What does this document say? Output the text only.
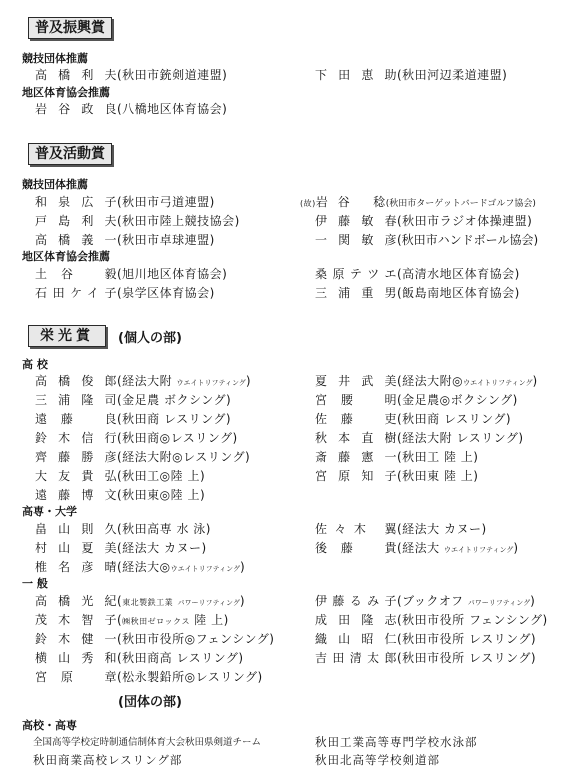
普及振興賞
競技団体推薦
高 橋 利 夫(秋田市銃剣道連盟)	下 田 恵 助(秋田河辺柔道連盟)
地区体育協会推薦
岩 谷 政 良(八橋地区体育協会)
普及活動賞
競技団体推薦
和泉広子(秋田市弓道連盟)	(故)岩谷 稔(秋田市ターゲットバードゴルフ協会)
戸島利夫(秋田市陸上競技協会)	伊藤敏春(秋田市ラジオ体操連盟)
高橋義一(秋田市卓球連盟)	一関敏彦(秋田市ハンドボール協会)
地区体育協会推薦
土谷 毅(旭川地区体育協会)	桑原テツエ(高清水地区体育協会)
石田ケイ子(泉学区体育協会)	三浦重男(飯島南地区体育協会)
栄光賞	(個人の部)
高 校
高橋俊郎(経法大附 ウエイトリフティング)	夏井武美(経法大附◎ウエイトリフティング)
三浦隆司(金足農 ボクシング)	宮腰 明(金足農◎ボクシング)
遠藤 良(秋田商 レスリング)	佐藤 吏(秋田商 レスリング)
鈴木信行(秋田商◎レスリング)	秋本直樹(経法大附 レスリング)
齊藤勝彦(経法大附◎レスリング)	斎藤憲一(秋田工 陸 上)
大友貴弘(秋田工◎陸 上)	宮原知子(秋田東 陸 上)
遠藤博文(秋田東◎陸 上)
高専・大学
畠山則久(秋田高専 水 泳)	佐々木 翼(経法大 カヌー)
村山夏美(経法大 カヌー)	後藤 貴(経法大 ウエイトリフティング)
椎名彦晴(経法大◎ウエイトリフティング)
一 般
高橋光紀(東北製鉄工業 パワーリフティング)	伊藤るみ子(ブックオフ パワーリフティング)
茂木智子(㈱秋田ゼロックス 陸 上)	成田隆志(秋田市役所 フェンシング)
鈴木健一(秋田市役所◎フェンシング)	織山昭仁(秋田市役所 レスリング)
横山秀和(秋田商高 レスリング)	吉田清太郎(秋田市役所 レスリング)
宮原 章(松永製鉛所◎レスリング)
(団体の部)
高校・高専
全国高等学校定時制通信制体育大会秋田県剣道チーム	秋田工業高等専門学校水泳部
秋田商業高校レスリング部	秋田北高等学校剣道部
